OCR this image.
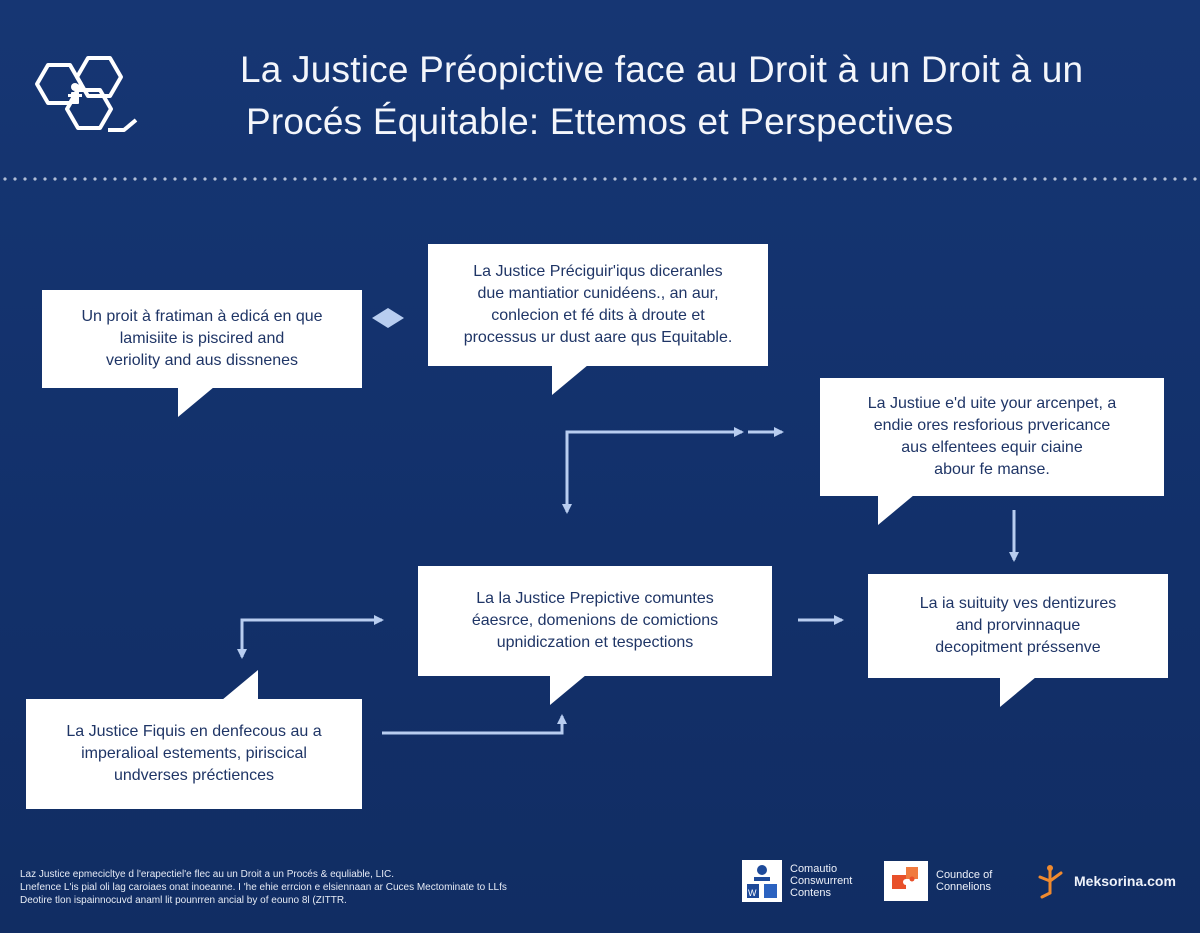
La Justice Préopictive face au Droit à un Droit à un
Procés Équitable: Ettemos et Perspectives
Un proit à fratiman à edicá en que
lamisiite is piscired and
veriolity and aus dissnenes
La Justice Préciguir'iqus diceranles
due mantiatior cunidéens., an aur,
conlecion et fé dits à droute et
processus ur dust aare qus Equitable.
La Justiue e'd uite your arcenpet, a
endie ores resforious prvericance
aus elfentees equir ciaine
abour fe manse.
La la Justice Prepictive comuntes
éaesrce, domenions de comictions
upnidiczation et tespections
La ia suituity ves dentizures
and prorvinnaque
decopitment préssenve
La Justice Fiquis en denfecous au a
imperalioal estements, piriscical
undverses préctiences
Laz Justice epmecicltye d l'erapectiel'e flec au un Droit a un Procés & equliable, LIC.
Lnefence L'is pial oli lag caroiaes onat inoeanne. I 'he ehie errcion e elsiennaan ar Cuces Mectominate to LLfs
Deotire tlon ispainnocuvd anaml lit pounrren ancial by of eouno 8l (ZITTR.
W
Comautio
Conswurrent
Contens
Coundce of
Connelions	Meksorina.com
